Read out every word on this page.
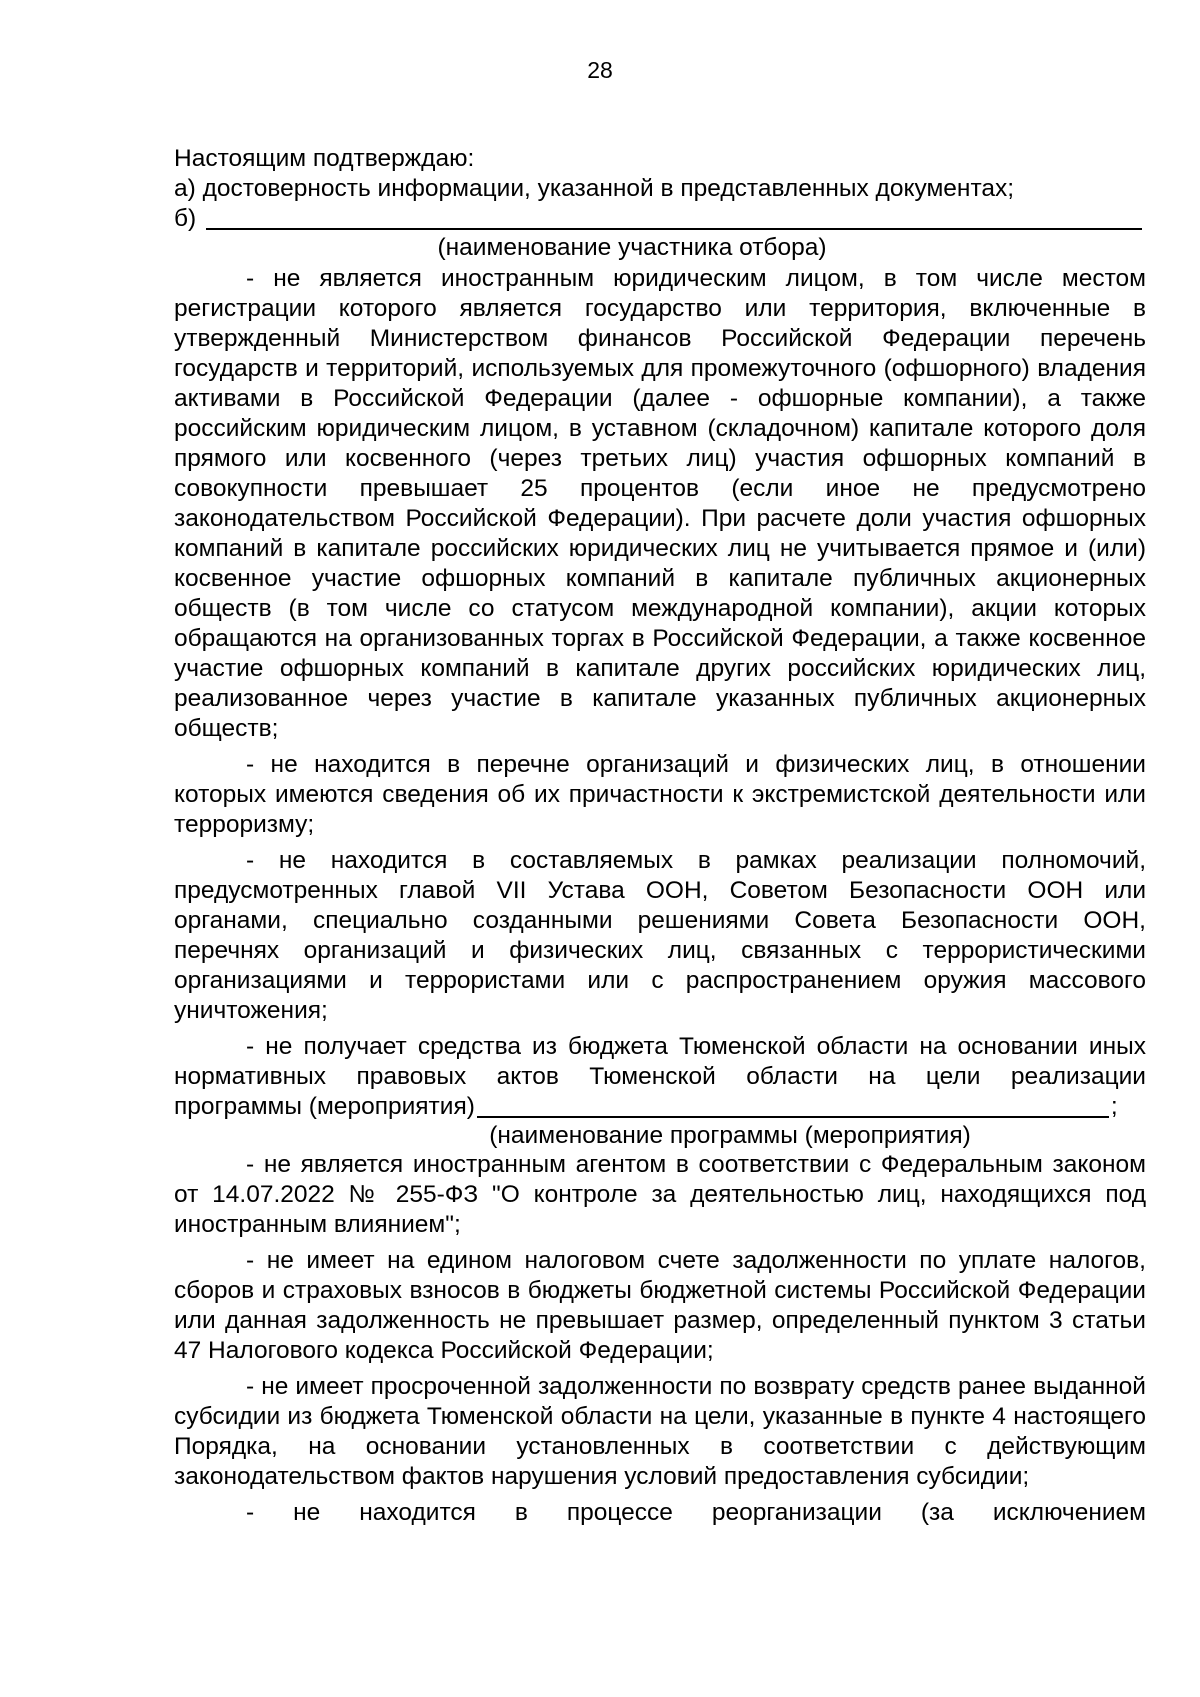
28
Настоящим подтверждаю:
а) достоверность информации, указанной в представленных документах;
б)
(наименование участника отбора)

- не является иностранным юридическим лицом, в том числе местом регистрации которого является государство или территория, включенные в утвержденный Министерством финансов Российской Федерации перечень государств и территорий, используемых для промежуточного (офшорного) владения активами в Российской Федерации (далее - офшорные компании), а также российским юридическим лицом, в уставном (складочном) капитале которого доля прямого или косвенного (через третьих лиц) участия офшорных компаний в совокупности превышает 25 процентов (если иное не предусмотрено законодательством Российской Федерации). При расчете доли участия офшорных компаний в капитале российских юридических лиц не учитывается прямое и (или) косвенное участие офшорных компаний в капитале публичных акционерных обществ (в том числе со статусом международной компании), акции которых обращаются на организованных торгах в Российской Федерации, а также косвенное участие офшорных компаний в капитале других российских юридических лиц, реализованное через участие в капитале указанных публичных акционерных обществ;

- не находится в перечне организаций и физических лиц, в отношении которых имеются сведения об их причастности к экстремистской деятельности или терроризму;

- не находится в составляемых в рамках реализации полномочий, предусмотренных главой VII Устава ООН, Советом Безопасности ООН или органами, специально созданными решениями Совета Безопасности ООН, перечнях организаций и физических лиц, связанных с террористическими организациями и террористами или с распространением оружия массового уничтожения;

- не получает средства из бюджета Тюменской области на основании иных нормативных правовых актов Тюменской области на цели реализации

программы (мероприятия)	;
(наименование программы (мероприятия)

- не является иностранным агентом в соответствии с Федеральным законом от 14.07.2022 № 255-ФЗ "О контроле за деятельностью лиц, находящихся под иностранным влиянием";

- не имеет на едином налоговом счете задолженности по уплате налогов, сборов и страховых взносов в бюджеты бюджетной системы Российской Федерации или данная задолженность не превышает размер, определенный пунктом 3 статьи 47 Налогового кодекса Российской Федерации;

- не имеет просроченной задолженности по возврату средств ранее выданной субсидии из бюджета Тюменской области на цели, указанные в пункте 4 настоящего Порядка, на основании установленных в соответствии с действующим законодательством фактов нарушения условий предоставления субсидии;

- не находится в процессе реорганизации (за исключением
